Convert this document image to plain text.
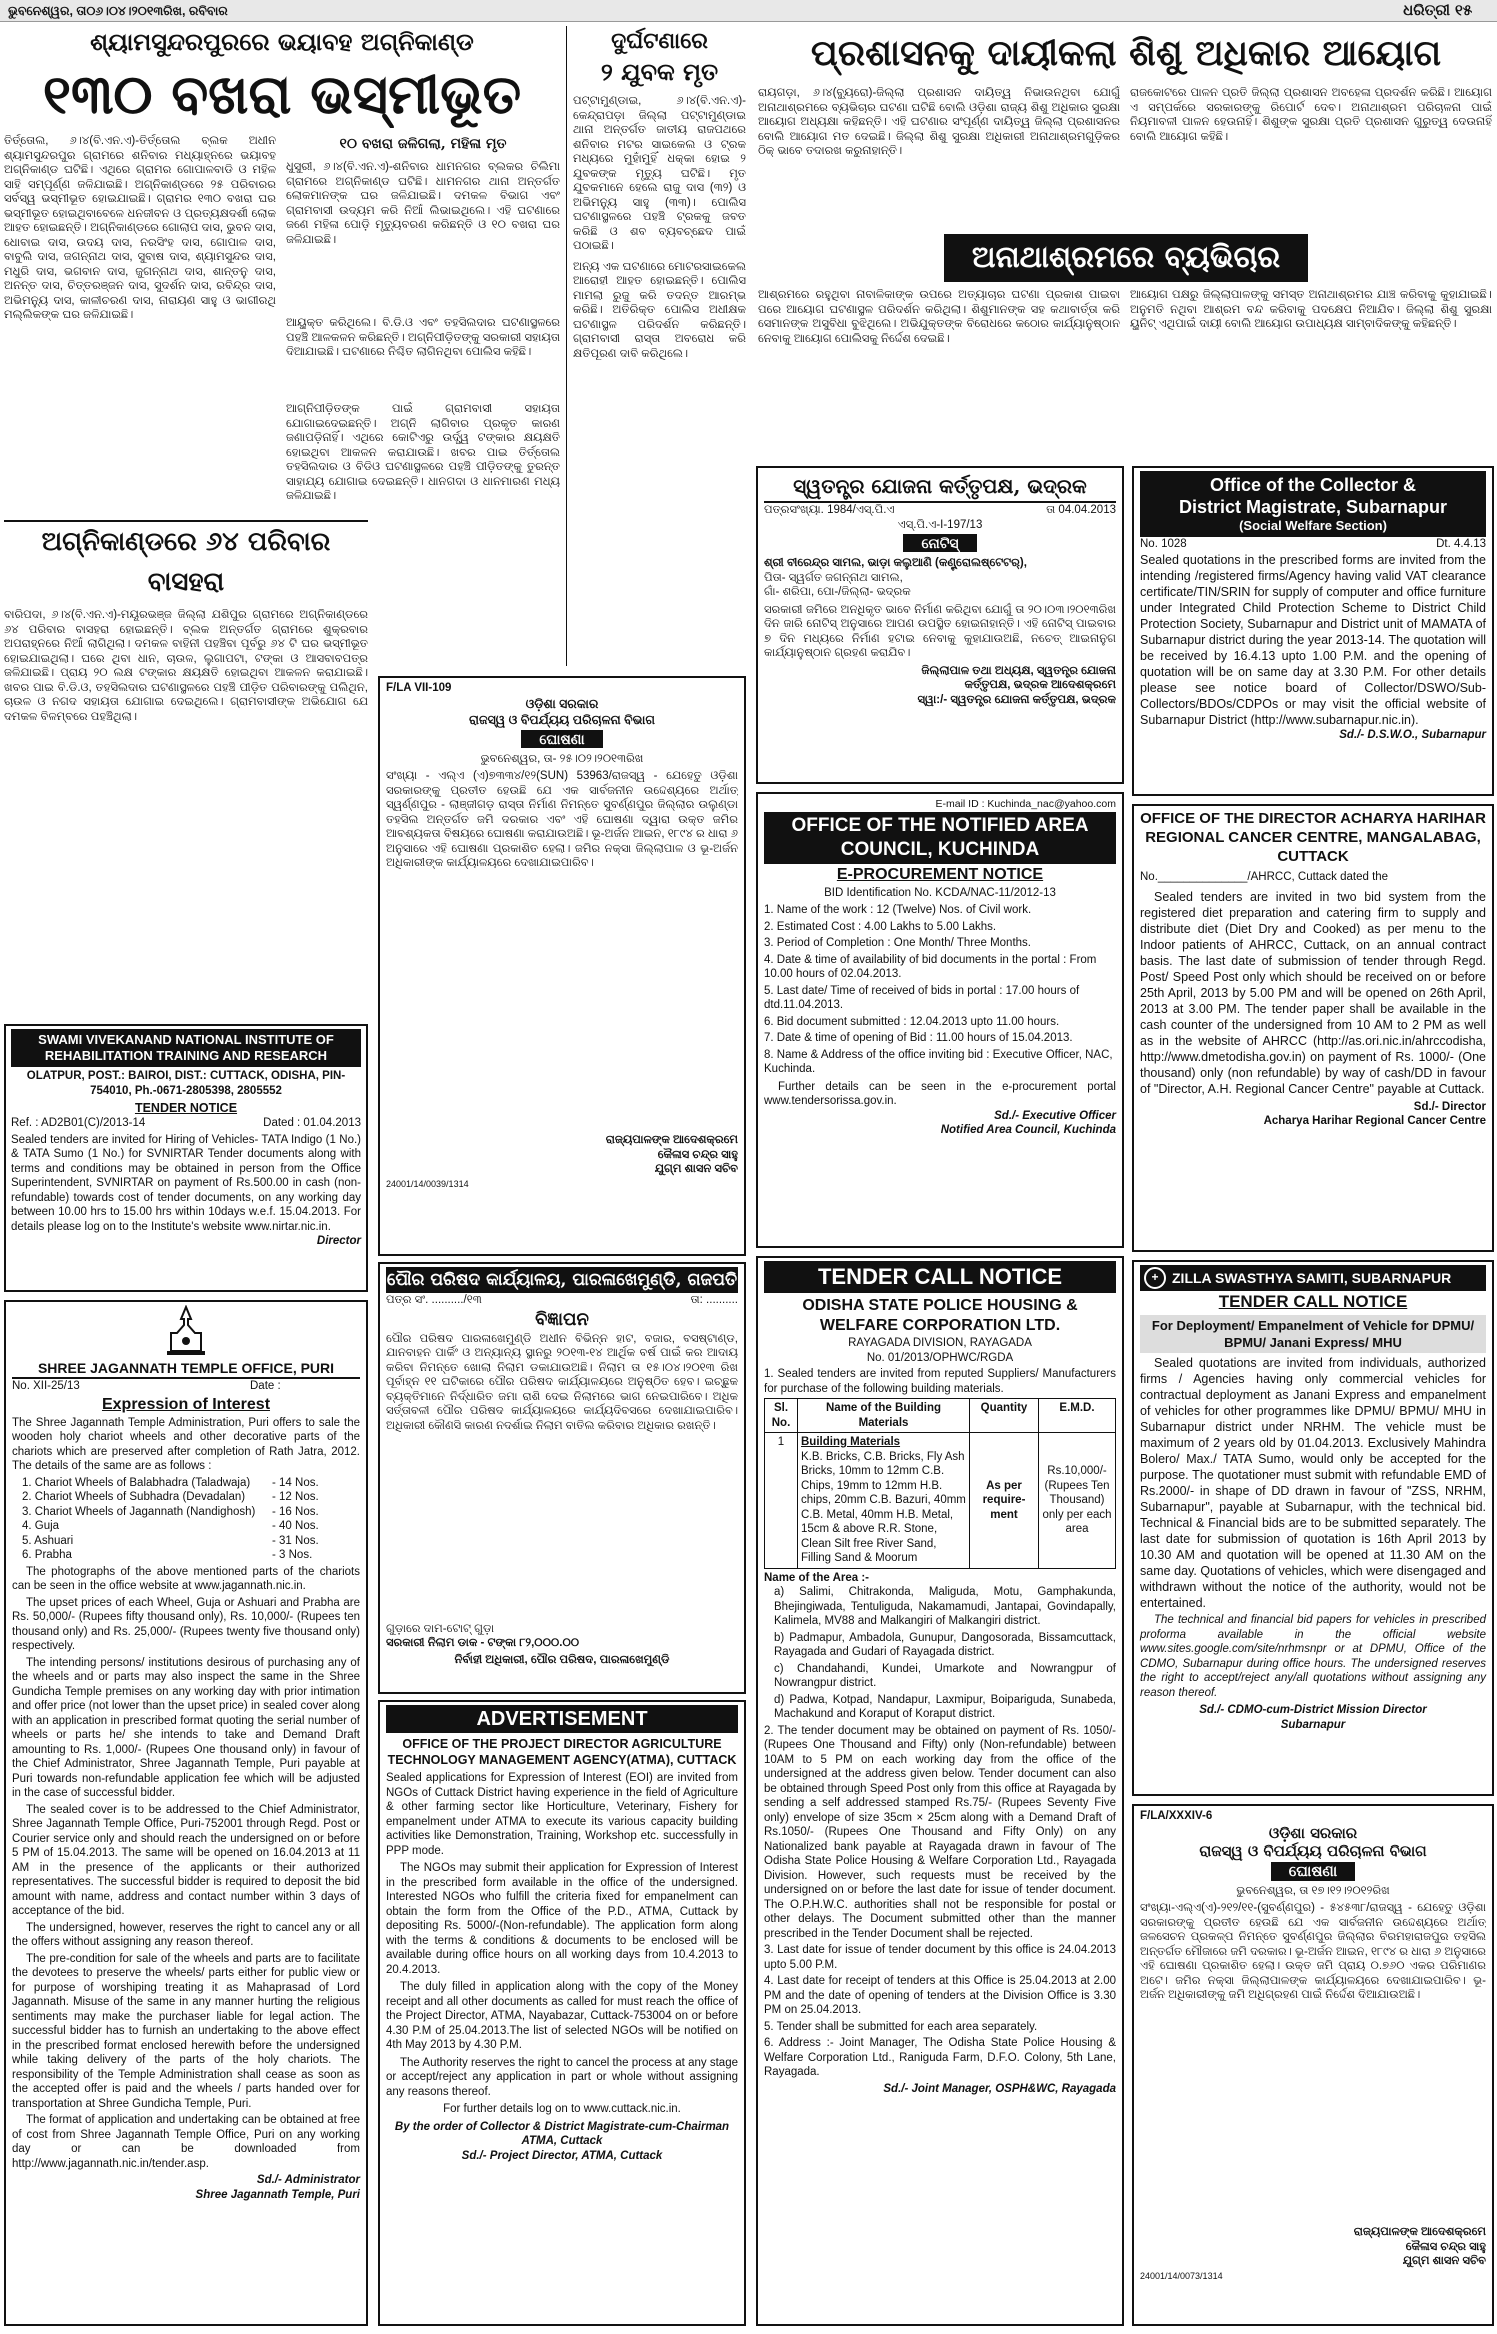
ଭୁବନେଶ୍ୱର, ତା୦୬।୦୪।୨୦୧୩ରିଖ, ରବିବାର	ଧରିତ୍ରୀ ୧୫
ଶ୍ୟାମସୁନ୍ଦରପୁରରେ ଭୟାବହ ଅଗ୍ନିକାଣ୍ଡ
୧୩୦ ବଖରା ଭସ୍ମୀଭୂତ
ତିର୍ତ୍ତୋଲ, ୬।୪(ବି.ଏନ.ଏ)-ତିର୍ତ୍ତୋଲ ବ୍ଲକ ଅଧୀନ ଶ୍ୟାମସୁନ୍ଦରପୁର ଗ୍ରାମରେ ଶନିବାର ମଧ୍ୟାହ୍ନରେ ଭୟାବହ ଅଗ୍ନିକାଣ୍ଡ ଘଟିଛି। ଏଥିରେ ଗ୍ରାମର ଗୋପାଳବାଡି ଓ ମହିଳ ସାହି ସମ୍ପୂର୍ଣ୍ଣ ଜଳିଯାଇଛି। ଅଗ୍ନିକାଣ୍ଡରେ ୨୫ ପରିବାରର ସର୍ବସ୍ୱ ଭସ୍ମୀଭୂତ ହୋଇଯାଇଛି। ଗ୍ରାମର ୧୩୦ ବଖରା ଘର ଭସ୍ମୀଭୂତ ହୋଇଥିବାବେଳେ ଧନଜୀବନ ଓ ପ୍ରତ୍ୟକ୍ଷଦର୍ଶୀ ଲୋକ ଆହତ ହୋଇଛନ୍ତି। ଅଗ୍ନିକାଣ୍ଡରେ ଗୋଲାପ ଦାସ, ଭୁବନ ଦାସ, ଧୋବାଇ ଦାସ, ଉଦୟ ଦାସ, ନରସିଂହ ଦାସ, ଗୋପାଳ ଦାସ, ବାବୁଲି ଦାସ, ଜଗନ୍ନାଥ ଦାସ, ସୁବାଷ ଦାସ, ଶ୍ୟାମସୁନ୍ଦର ଦାସ, ମଧୁରି ଦାସ, ଭଗବାନ ଦାସ, ଜୁଗନ୍ନାଥ ଦାସ, ଶାନ୍ତନୁ ଦାସ, ଅନନ୍ତ ଦାସ, ଚିତ୍ତରଞ୍ଜନ ଦାସ, ସୁଦର୍ଶନ ଦାସ, ରବିନ୍ଦ୍ର ଦାସ, ଅଭିମନ୍ୟୁ ଦାସ, କାଳୀଚରଣ ଦାସ, ନାରାୟଣ ସାହୁ ଓ ଭାଗୀରଥି ମଲ୍ଲିକଙ୍କ ଘର ଜଳିଯାଇଛି।
୧୦ ବଖରା ଜଳିଗଲା, ମହିଳା ମୃତ
ଧୁସୁରୀ, ୬।୪(ବି.ଏନ.ଏ)-ଶନିବାର ଧାମନଗର ବ୍ଲକର ଚିଲିମା ଗ୍ରାମରେ ଅଗ୍ନିକାଣ୍ଡ ଘଟିଛି। ଧାମନଗର ଥାନା ଅନ୍ତର୍ଗତ ଲୋକମାନଙ୍କ ଘର ଜଳିଯାଇଛି। ଦମକଳ ବିଭାଗ ଏବଂ ଗ୍ରାମବାସୀ ଉଦ୍ୟମ କରି ନିଆଁ ଲିଭାଇଥିଲେ। ଏହି ଘଟଣାରେ ଜଣେ ମହିଳା ପୋଡ଼ି ମୃତ୍ୟୁବରଣ କରିଛନ୍ତି ଓ ୧୦ ବଖରା ଘର ଜଳିଯାଇଛି।
ଆୟୁକ୍ତ କରିଥିଲେ। ବି.ଡି.ଓ ଏବଂ ତହସିଲଦାର ଘଟଣାସ୍ଥଳରେ ପହଞ୍ଚି ଆଳକଳନ କରିଛନ୍ତି। ଅଗ୍ନିପୀଡ଼ିତଙ୍କୁ ସରକାରୀ ସହାୟତା ଦିଆଯାଇଛି। ଘଟଣାରେ ନିଶ୍ଚିତ ଲାଗିନଥିବା ପୋଲିସ କହିଛି।
ଆଗ୍ନିପୀଡ଼ିତଙ୍କ ପାଇଁ ଗ୍ରାମବାସୀ ସହାୟତା ଯୋଗାଇଦେଇଛନ୍ତି। ଅଗ୍ନି ଲାଗିବାର ପ୍ରକୃତ କାରଣ ଜଣାପଡ଼ିନାହିଁ। ଏଥିରେ କୋଟିଏରୁ ଉର୍ଦ୍ଧ୍ୱ ଟଙ୍କାର କ୍ଷୟକ୍ଷତି ହୋଇଥିବା ଆକଳନ କରାଯାଉଛି। ଖବର ପାଇ ତିର୍ତ୍ତୋଲ ତହସିଲଦାର ଓ ବିଡିଓ ଘଟଣାସ୍ଥଳରେ ପହଞ୍ଚି ପୀଡ଼ିତଙ୍କୁ ତୁରନ୍ତ ସାହାଯ୍ୟ ଯୋଗାଇ ଦେଇଛନ୍ତି। ଧାନଗଦା ଓ ଧାନମାରଣ ମଧ୍ୟ ଜଳିଯାଇଛି।
ଦୁର୍ଘଟଣାରେ
୨ ଯୁବକ ମୃତ
ପଟ୍ଟାମୁଣ୍ଡାଇ, ୬।୪(ବି.ଏନ.ଏ)-କେନ୍ଦ୍ରାପଡ଼ା ଜିଲ୍ଲା ପଟ୍ଟାମୁଣ୍ଡାଇ ଥାନା ଅନ୍ତର୍ଗତ ଜାତୀୟ ରାଜପଥରେ ଶନିବାର ମଟର ସାଇକେଲ ଓ ଟ୍ରକ ମଧ୍ୟରେ ମୁହାଁମୁହିଁ ଧକ୍କା ହୋଇ ୨ ଯୁବକଙ୍କ ମୃତ୍ୟୁ ଘଟିଛି। ମୃତ ଯୁବକମାନେ ହେଲେ ରାଜୁ ଦାସ (୩୨) ଓ ଅଭିମନ୍ୟୁ ସାହୁ (୩୩)। ପୋଲିସ ଘଟଣାସ୍ଥଳରେ ପହଞ୍ଚି ଟ୍ରକକୁ ଜବତ କରିଛି ଓ ଶବ ବ୍ୟବଚ୍ଛେଦ ପାଇଁ ପଠାଇଛି।
ଅନ୍ୟ ଏକ ଘଟଣାରେ ମୋଟରସାଇକେଲ ଆରୋହୀ ଆହତ ହୋଇଛନ୍ତି। ପୋଲିସ ମାମଲା ରୁଜୁ କରି ତଦନ୍ତ ଆରମ୍ଭ କରିଛି। ଅତିରିକ୍ତ ପୋଲିସ ଅଧୀକ୍ଷକ ଘଟଣାସ୍ଥଳ ପରିଦର୍ଶନ କରିଛନ୍ତି। ଗ୍ରାମବାସୀ ରାସ୍ତା ଅବରୋଧ କରି କ୍ଷତିପୂରଣ ଦାବି କରିଥିଲେ।
ପ୍ରଶାସନକୁ ଦାୟୀକଲା ଶିଶୁ ଅଧିକାର ଆୟୋଗ
ରାୟଗଡ଼ା, ୬।୪(ବ୍ୟୁରୋ)-ଜିଲ୍ଲା ପ୍ରଶାସନ ଦାୟିତ୍ୱ ନିଭାଉନଥିବା ଯୋଗୁଁ ଅନାଥାଶ୍ରମରେ ବ୍ୟଭିଚାର ଘଟଣା ଘଟିଛି ବୋଲି ଓଡ଼ିଶା ରାଜ୍ୟ ଶିଶୁ ଅଧିକାର ସୁରକ୍ଷା ଆୟୋଗ ଅଧ୍ୟକ୍ଷା କହିଛନ୍ତି। ଏହି ଘଟଣାର ସଂପୂର୍ଣ୍ଣ ଦାୟିତ୍ୱ ଜିଲ୍ଲା ପ୍ରଶାସନର ବୋଲି ଆୟୋଗ ମତ ଦେଇଛି। ଜିଲ୍ଲା ଶିଶୁ ସୁରକ୍ଷା ଅଧିକାରୀ ଅନାଥାଶ୍ରମଗୁଡ଼ିକର ଠିକ୍ ଭାବେ ତଦାରଖ କରୁନାହାନ୍ତି।
ରାଜକୋଟରେ ପାଳନ ପ୍ରତି ଜିଲ୍ଲା ପ୍ରଶାସନ ଅବହେଳା ପ୍ରଦର୍ଶନ କରିଛି। ଆୟୋଗ ଏ ସମ୍ପର୍କରେ ସରକାରଙ୍କୁ ରିପୋର୍ଟ ଦେବ। ଅନାଥାଶ୍ରମ ପରିଚାଳନା ପାଇଁ ନିୟମାବଳୀ ପାଳନ ହେଉନାହିଁ। ଶିଶୁଙ୍କ ସୁରକ୍ଷା ପ୍ରତି ପ୍ରଶାସନ ଗୁରୁତ୍ୱ ଦେଉନାହିଁ ବୋଲି ଆୟୋଗ କହିଛି।
ଅନାଥାଶ୍ରମରେ ବ୍ୟଭିଚାର
ଆଶ୍ରମରେ ରହୁଥିବା ନାବାଳିକାଙ୍କ ଉପରେ ଅତ୍ୟାଚାର ଘଟଣା ପ୍ରକାଶ ପାଇବା ପରେ ଆୟୋଗ ଘଟଣାସ୍ଥଳ ପରିଦର୍ଶନ କରିଥିଲା। ଶିଶୁମାନଙ୍କ ସହ କଥାବାର୍ତ୍ତା କରି ସେମାନଙ୍କ ଅସୁବିଧା ବୁଝିଥିଲେ। ଅଭିଯୁକ୍ତଙ୍କ ବିରୋଧରେ କଠୋର କାର୍ଯ୍ୟାନୁଷ୍ଠାନ ନେବାକୁ ଆୟୋଗ ପୋଲିସକୁ ନିର୍ଦ୍ଦେଶ ଦେଇଛି।
ଆୟୋଗ ପକ୍ଷରୁ ଜିଲ୍ଲାପାଳଙ୍କୁ ସମସ୍ତ ଅନାଥାଶ୍ରମର ଯାଞ୍ଚ କରିବାକୁ କୁହାଯାଇଛି। ଅନୁମତି ନଥିବା ଆଶ୍ରମ ବନ୍ଦ କରିବାକୁ ପଦକ୍ଷେପ ନିଆଯିବ। ଜିଲ୍ଲା ଶିଶୁ ସୁରକ୍ଷା ୟୁନିଟ୍ ଏଥିପାଇଁ ଦାୟୀ ବୋଲି ଆୟୋଗ ଉପାଧ୍ୟକ୍ଷ ସାମ୍ବାଦିକଙ୍କୁ କହିଛନ୍ତି।
ଅଗ୍ନିକାଣ୍ଡରେ ୬୪ ପରିବାର ବାସହରା
ବାରିପଦା, ୬।୪(ବି.ଏନ.ଏ)-ମୟୂରଭଞ୍ଜ ଜିଲ୍ଲା ଯଶିପୁର ଗ୍ରାମରେ ଅଗ୍ନିକାଣ୍ଡରେ ୬୪ ପରିବାର ବାସହରା ହୋଇଛନ୍ତି। ବ୍ଲକ ଅନ୍ତର୍ଗତ ଗ୍ରାମରେ ଶୁକ୍ରବାର ଅପରାହ୍ନରେ ନିଆଁ ଲାଗିଥିଲା। ଦମକଳ ବାହିନୀ ପହଞ୍ଚିବା ପୂର୍ବରୁ ୬୪ ଟି ଘର ଭସ୍ମୀଭୂତ ହୋଇଯାଇଥିଲା। ଘରେ ଥିବା ଧାନ, ଚାଉଳ, ଲୁଗାପଟା, ଟଙ୍କା ଓ ଆସବାବପତ୍ର ଜଳିଯାଇଛି। ପ୍ରାୟ ୨୦ ଲକ୍ଷ ଟଙ୍କାର କ୍ଷୟକ୍ଷତି ହୋଇଥିବା ଆକଳନ କରାଯାଇଛି। ଖବର ପାଇ ବି.ଡି.ଓ, ତହସିଲଦାର ଘଟଣାସ୍ଥଳରେ ପହଞ୍ଚି ପୀଡ଼ିତ ପରିବାରଙ୍କୁ ପଲିଥିନ, ଚାଉଳ ଓ ନଗଦ ସହାୟତା ଯୋଗାଇ ଦେଇଥିଲେ। ଗ୍ରାମବାସୀଙ୍କ ଅଭିଯୋଗ ଯେ ଦମକଳ ବିଳମ୍ବରେ ପହଞ୍ଚିଥିଲା।
SWAMI VIVEKANAND NATIONAL INSTITUTE OF REHABILITATION TRAINING AND RESEARCH
OLATPUR, POST.: BAIROI, DIST.: CUTTACK, ODISHA, PIN-754010, Ph.-0671-2805398, 2805552
TENDER NOTICE
Ref. : AD2B01(C)/2013-14	Dated : 01.04.2013
Sealed tenders are invited for Hiring of Vehicles- TATA Indigo (1 No.) & TATA Sumo (1 No.) for SVNIRTAR Tender documents along with terms and conditions may be obtained in person from the Office Superintendent, SVNIRTAR on payment of Rs.500.00 in cash (non-refundable) towards cost of tender documents, on any working day between 10.00 hrs to 15.00 hrs within 10days w.e.f. 15.04.2013. For details please log on to the Institute's website www.nirtar.nic.in.
Director
SHREE JAGANNATH TEMPLE OFFICE, PURI
No. XII-25/13	Date :
Expression of Interest
The Shree Jagannath Temple Administration, Puri offers to sale the wooden holy chariot wheels and other decorative parts of the chariots which are preserved after completion of Rath Jatra, 2012. The details of the same are as follows :
1. Chariot Wheels of Balabhadra (Taladwaja)	- 14 Nos.
2. Chariot Wheels of Subhadra (Devadalan)	- 12 Nos.
3. Chariot Wheels of Jagannath (Nandighosh)	- 16 Nos.
4. Guja	- 40 Nos.
5. Ashuari	- 31 Nos.
6. Prabha	- 3 Nos.
The photographs of the above mentioned parts of the chariots can be seen in the office website at www.jagannath.nic.in.
The upset prices of each Wheel, Guja or Ashuari and Prabha are Rs. 50,000/- (Rupees fifty thousand only), Rs. 10,000/- (Rupees ten thousand only) and Rs. 25,000/- (Rupees twenty five thousand only) respectively.
The intending persons/ institutions desirous of purchasing any of the wheels and or parts may also inspect the same in the Shree Gundicha Temple premises on any working day with prior intimation and offer price (not lower than the upset price) in sealed cover along with an application in prescribed format quoting the serial number of wheels or parts he/ she intends to take and Demand Draft amounting to Rs. 1,000/- (Rupees One thousand only) in favour of the Chief Administrator, Shree Jagannath Temple, Puri payable at Puri towards non-refundable application fee which will be adjusted in the case of successful bidder.
The sealed cover is to be addressed to the Chief Administrator, Shree Jagannath Temple Office, Puri-752001 through Regd. Post or Courier service only and should reach the undersigned on or before 5 PM of 15.04.2013. The same will be opened on 16.04.2013 at 11 AM in the presence of the applicants or their authorized representatives. The successful bidder is required to deposit the bid amount with name, address and contact number within 3 days of acceptance of the bid.
The undersigned, however, reserves the right to cancel any or all the offers without assigning any reason thereof.
The pre-condition for sale of the wheels and parts are to facilitate the devotees to preserve the wheels/ parts either for public view or for purpose of worshiping treating it as Mahaprasad of Lord Jagannath. Misuse of the same in any manner hurting the religious sentiments may make the purchaser liable for legal action. The successful bidder has to furnish an undertaking to the above effect in the prescribed format enclosed herewith before the undersigned while taking delivery of the parts of the holy chariots. The responsibility of the Temple Administration shall cease as soon as the accepted offer is paid and the wheels / parts handed over for transportation at Shree Gundicha Temple, Puri.
The format of application and undertaking can be obtained at free of cost from Shree Jagannath Temple Office, Puri on any working day or can be downloaded from http://www.jagannath.nic.in/tender.asp.
Sd./- Administrator
Shree Jagannath Temple, Puri
F/LA VII-109
ଓଡ଼ିଶା ସରକାର
ରାଜସ୍ୱ ଓ ବିପର୍ଯ୍ୟୟ ପରିଚାଳନା ବିଭାଗ
ଘୋଷଣା
ଭୁବନେଶ୍ୱର, ତା- ୨୫।୦୨।୨୦୧୩ରିଖ
ସଂଖ୍ୟା - ଏଲ୍‌ଏ (ଏ)୭୩୩୪/୧୨(SUN) 53963/ରାଜସ୍ୱ - ଯେହେତୁ ଓଡ଼ିଶା ସରକାରଙ୍କୁ ପ୍ରତୀତ ହେଉଛି ଯେ ଏକ ସାର୍ବଜନୀନ ଉଦ୍ଦେଶ୍ୟରେ ଅର୍ଥାତ୍ ସ୍ୱର୍ଣ୍ଣପୁର - ଲାଞ୍ଜୀଗଡ଼ ରାସ୍ତା ନିର୍ମାଣ ନିମନ୍ତେ ସୁବର୍ଣ୍ଣପୁର ଜିଲ୍ଲାର ଉଲୁଣ୍ଡା ତହସିଲ ଅନ୍ତର୍ଗତ ଜମି ଦରକାର ଏବଂ ଏହି ଘୋଷଣା ଦ୍ୱାରା ଉକ୍ତ ଜମିର ଆବଶ୍ୟକତା ବିଷୟରେ ଘୋଷଣା କରାଯାଉଅଛି। ଭୂ-ଅର୍ଜନ ଆଇନ, ୧୮୯୪ ର ଧାରା ୬ ଅନୁସାରେ ଏହି ଘୋଷଣା ପ୍ରକାଶିତ ହେଲା। ଜମିର ନକ୍ସା ଜିଲ୍ଲାପାଳ ଓ ଭୂ-ଅର୍ଜନ ଅଧିକାରୀଙ୍କ କାର୍ଯ୍ୟାଳୟରେ ଦେଖାଯାଇପାରିବ।
ରାଜ୍ୟପାଳଙ୍କ ଆଦେଶକ୍ରମେ
କୈଳାସ ଚନ୍ଦ୍ର ସାହୁ
ଯୁଗ୍ମ ଶାସନ ସଚିବ
24001/14/0039/1314
ପୌର ପରିଷଦ କାର୍ଯ୍ୟାଳୟ, ପାରଳାଖେମୁଣ୍ଡି, ଗଜପତି
ପତ୍ର ସଂ. ........../୧୩	ତା: ..........
ବିଜ୍ଞାପନ
ପୌର ପରିଷଦ ପାରଳାଖେମୁଣ୍ଡି ଅଧୀନ ବିଭିନ୍ନ ହାଟ, ବଜାର, ବସଷ୍ଟାଣ୍ଡ, ଯାନବାହନ ପାର୍କିଂ ଓ ଅନ୍ୟାନ୍ୟ ସ୍ଥାନରୁ ୨୦୧୩-୧୪ ଆର୍ଥିକ ବର୍ଷ ପାଇଁ କର ଆଦାୟ କରିବା ନିମନ୍ତେ ଖୋଲା ନିଲାମ ଡକାଯାଉଅଛି। ନିଲାମ ତା ୧୫।୦୪।୨୦୧୩ ରିଖ ପୂର୍ବାହ୍ନ ୧୧ ଘଟିକାରେ ପୌର ପରିଷଦ କାର୍ଯ୍ୟାଳୟରେ ଅନୁଷ୍ଠିତ ହେବ। ଇଚ୍ଛୁକ ବ୍ୟକ୍ତିମାନେ ନିର୍ଦ୍ଧାରିତ ଜମା ରାଶି ଦେଇ ନିଲାମରେ ଭାଗ ନେଇପାରିବେ। ଅଧିକ ସର୍ତ୍ତାବଳୀ ପୌର ପରିଷଦ କାର୍ଯ୍ୟାଳୟରେ କାର୍ଯ୍ୟଦିବସରେ ଦେଖାଯାଇପାରିବ। ଅଧିକାରୀ କୌଣସି କାରଣ ନଦର୍ଶାଇ ନିଲାମ ବାତିଲ କରିବାର ଅଧିକାର ରଖନ୍ତି।
ଗୁଡ଼ାରେ ଦାମ-ଟୋଟ୍ ଗୁଡ଼ା
ସରକାରୀ ନିଲାମ ଡାକ - ଟଙ୍କା ୮୨,୦୦୦.୦୦
ନିର୍ବାହୀ ଅଧିକାରୀ, ପୌର ପରିଷଦ, ପାରଳାଖେମୁଣ୍ଡି
ADVERTISEMENT
OFFICE OF THE PROJECT DIRECTOR AGRICULTURE TECHNOLOGY MANAGEMENT AGENCY(ATMA), CUTTACK
Sealed applications for Expression of Interest (EOI) are invited from NGOs of Cuttack District having experience in the field of Agriculture & other farming sector like Horticulture, Veterinary, Fishery for empanelment under ATMA to execute its various capacity building activities like Demonstration, Training, Workshop etc. successfully in PPP mode.
The NGOs may submit their application for Expression of Interest in the prescribed form available in the office of the undersigned. Interested NGOs who fulfill the criteria fixed for empanelment can obtain the form from the Office of the P.D., ATMA, Cuttack by depositing Rs. 5000/-(Non-refundable). The application form along with the terms & conditions & documents to be enclosed will be available during office hours on all working days from 10.4.2013 to 20.4.2013.
The duly filled in application along with the copy of the Money receipt and all other documents as called for must reach the office of the Project Director, ATMA, Nayabazar, Cuttack-753004 on or before 4.30 P.M of 25.04.2013.The list of selected NGOs will be notified on 4th May 2013 by 4.30 P.M.
The Authority reserves the right to cancel the process at any stage or accept/reject any application in part or whole without assigning any reasons thereof.
For further details log on to www.cuttack.nic.in.
By the order of Collector & District Magistrate-cum-Chairman ATMA, Cuttack
Sd./- Project Director, ATMA, Cuttack
ସ୍ୱତନ୍ତ୍ର ଯୋଜନା କର୍ତ୍ତୃପକ୍ଷ, ଭଦ୍ରକ
ପତ୍ରସଂଖ୍ୟା. 1984/ଏସ୍.ପି.ଏ	ତା 04.04.2013
ଏସ୍.ପି.ଏ-I-197/13
ନୋଟିସ୍
ଶ୍ରୀ ବୀରେନ୍ଦ୍ର ସାମଲ, ଭାଡ଼ା କଲୁଆଣି (କଣ୍ଟ୍ରୋଲଷ୍ଟେଟର୍),
ପିତା- ସ୍ୱର୍ଗତ ଜଗନ୍ନାଥ ସାମଲ,
ଗାଁ- ଶରିପା, ପୋ-/ଜିଲ୍ଲା- ଭଦ୍ରକ
ସରକାରୀ ଜମିରେ ଅନଧିକୃତ ଭାବେ ନିର୍ମାଣ କରିଥିବା ଯୋଗୁଁ ତା ୨୦।୦୩।୨୦୧୩ରିଖ ଦିନ ଜାରି ନୋଟିସ୍ ଅନୁସାରେ ଆପଣ ଉପସ୍ଥିତ ହୋଇନାହାନ୍ତି। ଏହି ନୋଟିସ୍ ପାଇବାର ୭ ଦିନ ମଧ୍ୟରେ ନିର୍ମାଣ ହଟାଇ ନେବାକୁ କୁହାଯାଉଅଛି, ନଚେତ୍ ଆଇନାନୁଗ କାର୍ଯ୍ୟାନୁଷ୍ଠାନ ଗ୍ରହଣ କରାଯିବ।
ଜିଲ୍ଲାପାଳ ତଥା ଅଧ୍ୟକ୍ଷ, ସ୍ୱତନ୍ତ୍ର ଯୋଜନା
କର୍ତ୍ତୃପକ୍ଷ, ଭଦ୍ରକ ଆଦେଶକ୍ରମେ
ସ୍ୱା:/- ସ୍ୱତନ୍ତ୍ର ଯୋଜନା କର୍ତ୍ତୃପକ୍ଷ, ଭଦ୍ରକ
E-mail ID : Kuchinda_nac@yahoo.com
OFFICE OF THE NOTIFIED AREA COUNCIL, KUCHINDA
E-PROCUREMENT NOTICE
BID Identification No. KCDA/NAC-11/2012-13
1. Name of the work : 12 (Twelve) Nos. of Civil work.
2. Estimated Cost : 4.00 Lakhs to 5.00 Lakhs.
3. Period of Completion : One Month/ Three Months.
4. Date & time of availability of bid documents in the portal : From 10.00 hours of 02.04.2013.
5. Last date/ Time of received of bids in portal : 17.00 hours of dtd.11.04.2013.
6. Bid document submitted : 12.04.2013 upto 11.00 hours.
7. Date & time of opening of Bid : 11.00 hours of 15.04.2013.
8. Name & Address of the office inviting bid : Executive Officer, NAC, Kuchinda.
Further details can be seen in the e-procurement portal www.tendersorissa.gov.in.
Sd./- Executive Officer
Notified Area Council, Kuchinda
TENDER CALL NOTICE
ODISHA STATE POLICE HOUSING & WELFARE CORPORATION LTD.
RAYAGADA DIVISION, RAYAGADA
No. 01/2013/OPHWC/RGDA
1. Sealed tenders are invited from reputed Suppliers/ Manufacturers for purchase of the following building materials.
Sl. No.	Name of the Building Materials	Quantity	E.M.D.
1	Building Materials
K.B. Bricks, C.B. Bricks, Fly Ash Bricks, 10mm to 12mm C.B. Chips, 19mm to 12mm H.B. chips, 20mm C.B. Bazuri, 40mm C.B. Metal, 40mm H.B. Metal, 15cm & above R.R. Stone, Clean Silt free River Sand, Filling Sand & Moorum	As per require-ment	Rs.10,000/- (Rupees Ten Thousand) only per each area
Name of the Area :-
a) Salimi, Chitrakonda, Maliguda, Motu, Gamphakunda, Bhejingiwada, Tentuliguda, Nakamamudi, Jantapai, Govindapally, Kalimela, MV88 and Malkangiri of Malkangiri district.
b) Padmapur, Ambadola, Gunupur, Dangosorada, Bissamcuttack, Rayagada and Gudari of Rayagada district.
c) Chandahandi, Kundei, Umarkote and Nowrangpur of Nowrangpur district.
d) Padwa, Kotpad, Nandapur, Laxmipur, Boipariguda, Sunabeda, Machakund and Koraput of Koraput district.
2. The tender document may be obtained on payment of Rs. 1050/- (Rupees One Thousand and Fifty) only (Non-refundable) between 10AM to 5 PM on each working day from the office of the undersigned at the address given below. Tender document can also be obtained through Speed Post only from this office at Rayagada by sending a self addressed stamped Rs.75/- (Rupees Seventy Five only) envelope of size 35cm × 25cm along with a Demand Draft of Rs.1050/- (Rupees One Thousand and Fifty Only) on any Nationalized bank payable at Rayagada drawn in favour of The Odisha State Police Housing & Welfare Corporation Ltd., Rayagada Division. However, such requests must be received by the undersigned on or before the last date for issue of tender document. The O.P.H.W.C. authorities shall not be responsible for postal or other delays. The Document submitted other than the manner prescribed in the Tender Document shall be rejected.
3. Last date for issue of tender document by this office is 24.04.2013 upto 5.00 P.M.
4. Last date for receipt of tenders at this Office is 25.04.2013 at 2.00 PM and the date of opening of tenders at the Division Office is 3.30 PM on 25.04.2013.
5. Tender shall be submitted for each area separately.
6. Address :- Joint Manager, The Odisha State Police Housing & Welfare Corporation Ltd., Raniguda Farm, D.F.O. Colony, 5th Lane, Rayagada.
Sd./- Joint Manager, OSPH&WC, Rayagada
Office of the Collector &
District Magistrate, Subarnapur
(Social Welfare Section)
No. 1028	Dt. 4.4.13
Sealed quotations in the prescribed forms are invited from the intending /registered firms/Agency having valid VAT clearance certificate/TIN/SRIN for supply of computer and office furniture under Integrated Child Protection Scheme to District Child Protection Society, Subarnapur and District unit of MAMATA of Subarnapur district during the year 2013-14. The quotation will be received by 16.4.13 upto 1.00 P.M. and the opening of quotation will be on same day at 3.30 P.M. For other details please see notice board of Collector/DSWO/Sub-Collectors/BDOs/CDPOs or may visit the official website of Subarnapur District (http://www.subarnapur.nic.in).
Sd./- D.S.W.O., Subarnapur
OFFICE OF THE DIRECTOR ACHARYA HARIHAR REGIONAL CANCER CENTRE, MANGALABAG, CUTTACK
No.______________/AHRCC, Cuttack dated the
Sealed tenders are invited in two bid system from the registered diet preparation and catering firm to supply and distribute diet (Diet Dry and Cooked) as per menu to the Indoor patients of AHRCC, Cuttack, on an annual contract basis. The last date of submission of tender through Regd. Post/ Speed Post only which should be received on or before 25th April, 2013 by 5.00 PM and will be opened on 26th April, 2013 at 3.00 PM. The tender paper shall be available in the cash counter of the undersigned from 10 AM to 2 PM as well as in the website of AHRCC (http://as.ori.nic.in/ahrccodisha, http://www.dmetodisha.gov.in) on payment of Rs. 1000/- (One thousand) only (non refundable) by way of cash/DD in favour of "Director, A.H. Regional Cancer Centre" payable at Cuttack.
Sd./- Director
Acharya Harihar Regional Cancer Centre
+ ZILLA SWASTHYA SAMITI, SUBARNAPUR
TENDER CALL NOTICE
For Deployment/ Empanelment of Vehicle for DPMU/ BPMU/ Janani Express/ MHU
Sealed quotations are invited from individuals, authorized firms / Agencies having only commercial vehicles for contractual deployment as Janani Express and empanelment of vehicles for other programmes like DPMU/ BPMU/ MHU in Subarnapur district under NRHM. The vehicle must be maximum of 2 years old by 01.04.2013. Exclusively Mahindra Bolero/ Max./ TATA Sumo, would only be accepted for the purpose. The quotationer must submit with refundable EMD of Rs.2000/- in shape of DD drawn in favour of "ZSS, NRHM, Subarnapur", payable at Subarnapur, with the technical bid. Technical & Financial bids are to be submitted separately. The last date for submission of quotation is 16th April 2013 by 10.30 AM and quotation will be opened at 11.30 AM on the same day. Quotations of vehicles, which were disengaged and withdrawn without the notice of the authority, would not be entertained.
The technical and financial bid papers for vehicles in prescribed proforma available in the official website www.sites.google.com/site/nrhmsnpr or at DPMU, Office of the CDMO, Subarnapur during office hours. The undersigned reserves the right to accept/reject any/all quotations without assigning any reason thereof.
Sd./- CDMO-cum-District Mission Director
Subarnapur
F/LA/XXXIV-6
ଓଡ଼ିଶା ସରକାର
ରାଜସ୍ୱ ଓ ବିପର୍ଯ୍ୟୟ ପରିଚାଳନା ବିଭାଗ
ଘୋଷଣା
ଭୁବନେଶ୍ୱର, ତା ୧୭।୧୨।୨୦୧୨ରିଖ
ସଂଖ୍ୟା-ଏଲ୍‌ଏ(ଏ)-୨୧୨/୧୧-(ସୁବର୍ଣ୍ଣପୁର) - ୫୪୫୩୮/ରାଜସ୍ୱ - ଯେହେତୁ ଓଡ଼ିଶା ସରକାରଙ୍କୁ ପ୍ରତୀତ ହେଉଛି ଯେ ଏକ ସାର୍ବଜନୀନ ଉଦ୍ଦେଶ୍ୟରେ ଅର୍ଥାତ୍ ଜଳସେଚନ ପ୍ରକଳ୍ପ ନିମନ୍ତେ ସୁବର୍ଣ୍ଣପୁର ଜିଲ୍ଲାର ବିରମହାରାଜପୁର ତହସିଲ ଅନ୍ତର୍ଗତ ମୌଜାରେ ଜମି ଦରକାର। ଭୂ-ଅର୍ଜନ ଆଇନ, ୧୮୯୪ ର ଧାରା ୬ ଅନୁସାରେ ଏହି ଘୋଷଣା ପ୍ରକାଶିତ ହେଲା। ଉକ୍ତ ଜମି ପ୍ରାୟ ୦.୭୬୦ ଏକର ପରିମାଣର ଅଟେ। ଜମିର ନକ୍ସା ଜିଲ୍ଲାପାଳଙ୍କ କାର୍ଯ୍ୟାଳୟରେ ଦେଖାଯାଇପାରିବ। ଭୂ-ଅର୍ଜନ ଅଧିକାରୀଙ୍କୁ ଜମି ଅଧିଗ୍ରହଣ ପାଇଁ ନିର୍ଦ୍ଦେଶ ଦିଆଯାଉଅଛି।
ରାଜ୍ୟପାଳଙ୍କ ଆଦେଶକ୍ରମେ
କୈଳାସ ଚନ୍ଦ୍ର ସାହୁ
ଯୁଗ୍ମ ଶାସନ ସଚିବ
24001/14/0073/1314
